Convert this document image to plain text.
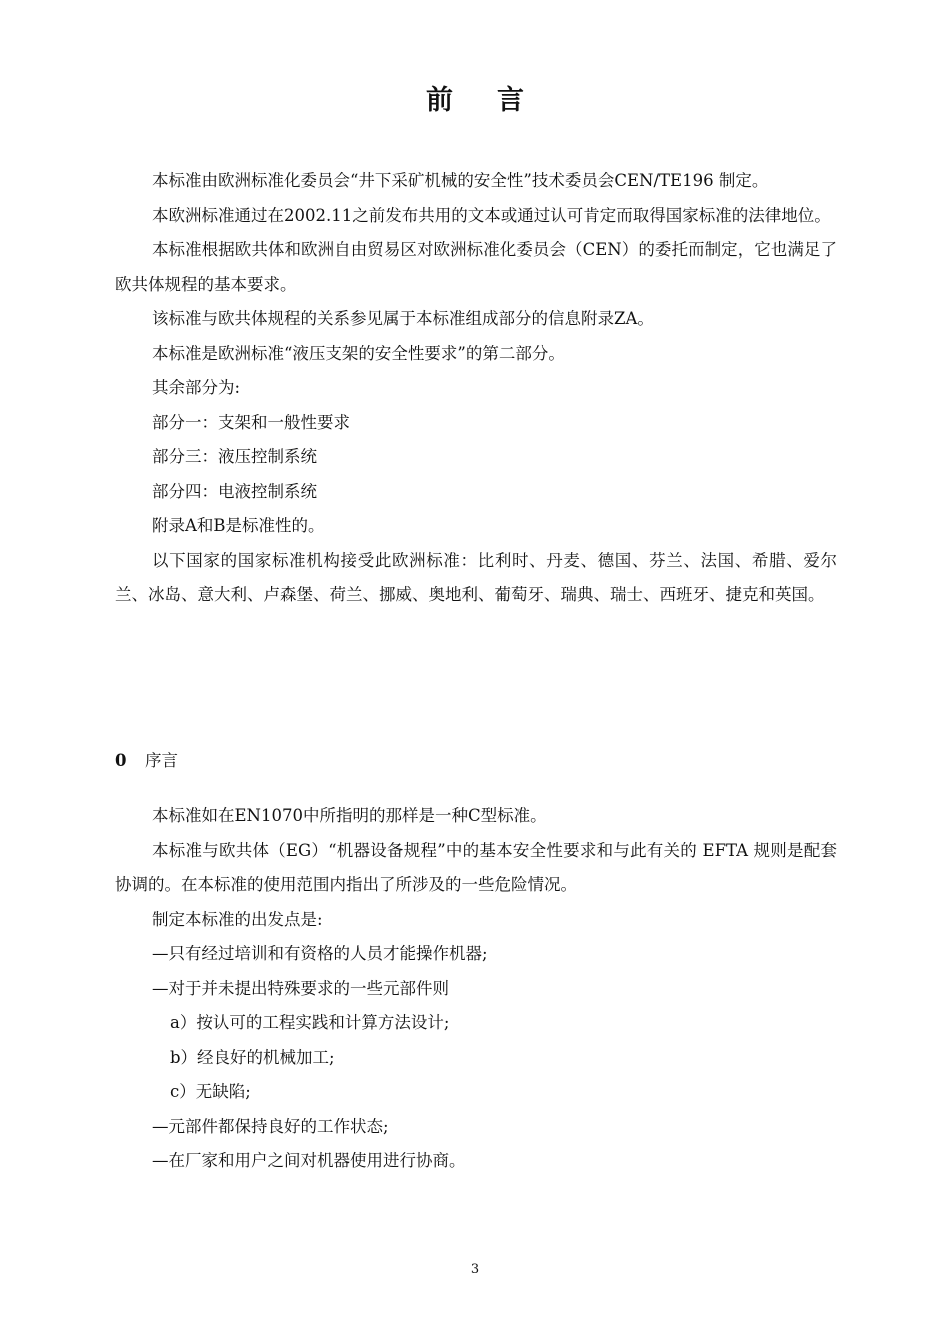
前 言

本标准由欧洲标准化委员会“井下采矿机械的安全性”技术委员会CEN/TE196 制定。

本欧洲标准通过在2002.11之前发布共用的文本或通过认可肯定而取得国家标准的法律地位。

本标准根据欧共体和欧洲自由贸易区对欧洲标准化委员会（CEN）的委托而制定，它也满足了欧共体规程的基本要求。

该标准与欧共体规程的关系参见属于本标准组成部分的信息附录ZA。

本标准是欧洲标准“液压支架的安全性要求”的第二部分。

其余部分为:

部分一：支架和一般性要求

部分三：液压控制系统

部分四：电液控制系统

附录A和B是标准性的。

以下国家的国家标准机构接受此欧洲标准：比利时、丹麦、德国、芬兰、法国、希腊、爱尔兰、冰岛、意大利、卢森堡、荷兰、挪威、奥地利、葡萄牙、瑞典、瑞士、西班牙、捷克和英国。

0 序言

本标准如在EN1070中所指明的那样是一种C型标准。

本标准与欧共体（EG）“机器设备规程”中的基本安全性要求和与此有关的 EFTA 规则是配套协调的。在本标准的使用范围内指出了所涉及的一些危险情况。

制定本标准的出发点是:

—只有经过培训和有资格的人员才能操作机器;

—对于并未提出特殊要求的一些元部件则

a）按认可的工程实践和计算方法设计;

b）经良好的机械加工;

c）无缺陷;

—元部件都保持良好的工作状态;

—在厂家和用户之间对机器使用进行协商。

3
